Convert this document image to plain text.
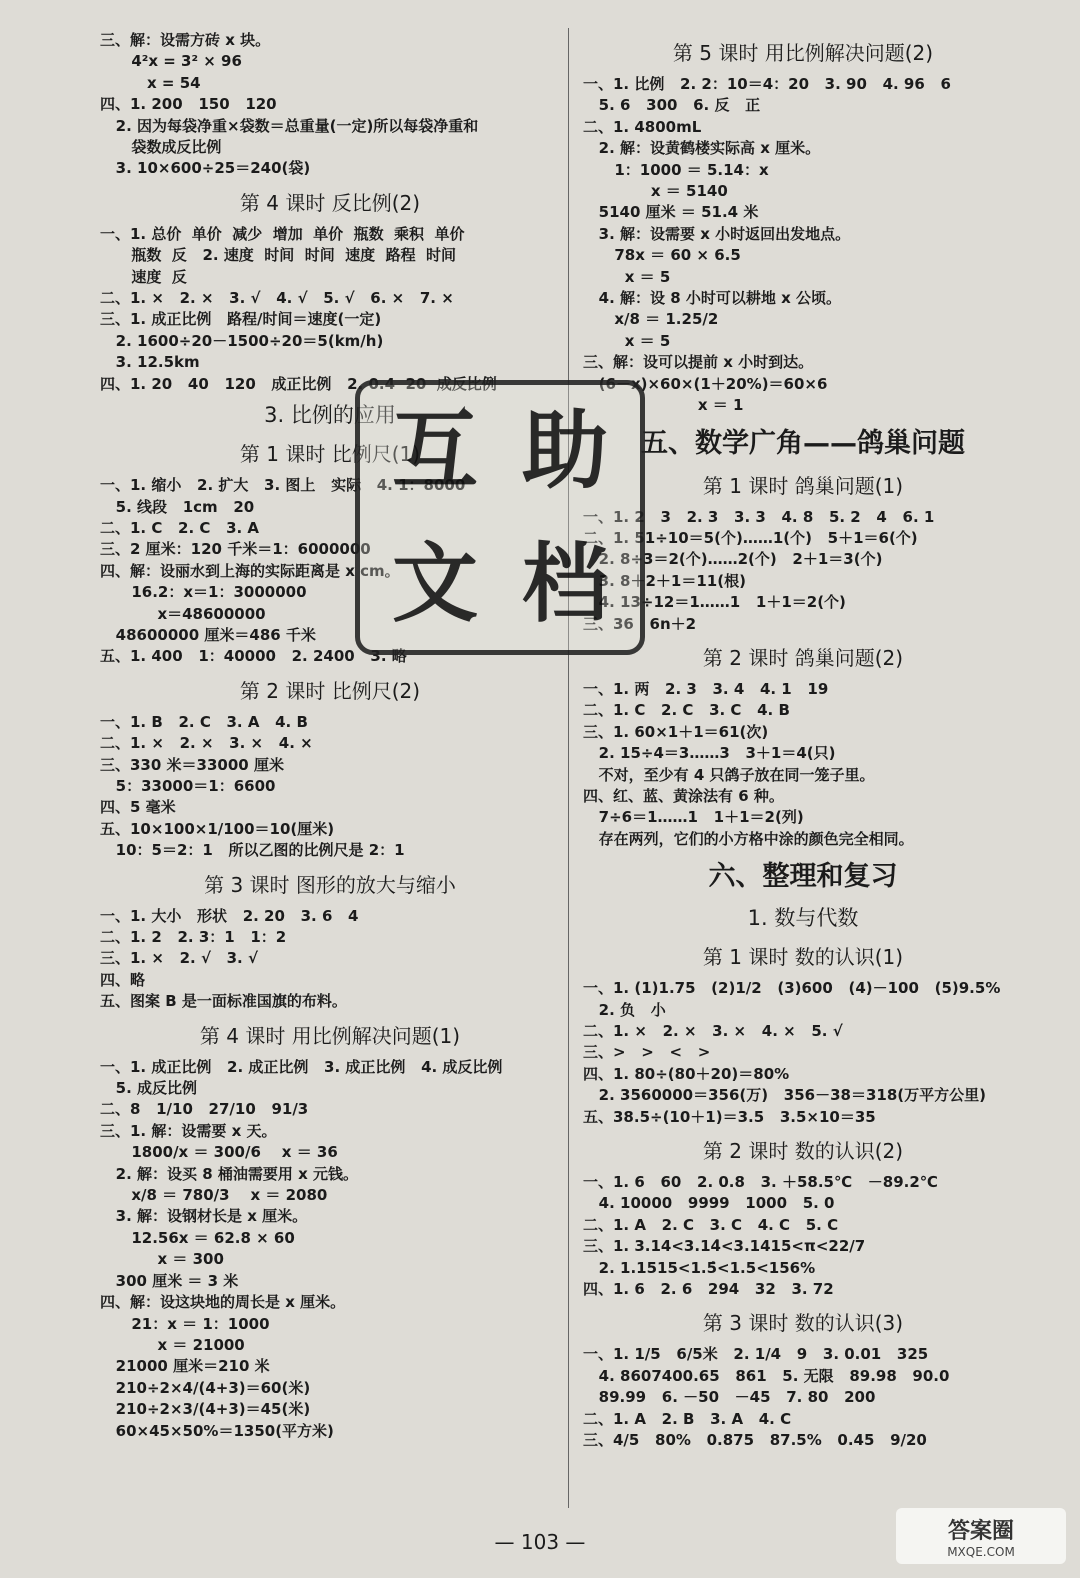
三、解：设需方砖 x 块。
4²x = 3² × 96
x = 54
四、1. 200   150   120
2. 因为每袋净重×袋数＝总重量(一定)所以每袋净重和
袋数成反比例
3. 10×600÷25＝240(袋)
第 4 课时 反比例(2)
一、1. 总价  单价  减少  增加  单价  瓶数  乘积  单价
瓶数  反   2. 速度  时间  时间  速度  路程  时间
速度  反
二、1. ×   2. ×   3. √   4. √   5. √   6. ×   7. ×
三、1. 成正比例   路程/时间＝速度(一定)
2. 1600÷20－1500÷20＝5(km/h)
3. 12.5km
四、1. 20   40   120   成正比例   2. 0.4  20  成反比例
3. 比例的应用
第 1 课时 比例尺(1)
一、1. 缩小   2. 扩大   3. 图上   实际   4. 1：8000
5. 线段   1cm   20
二、1. C   2. C   3. A
三、2 厘米：120 千米＝1：6000000
四、解：设丽水到上海的实际距离是 x cm。
16.2：x＝1：3000000
x＝48600000
48600000 厘米＝486 千米
五、1. 400   1：40000   2. 2400   3. 略
第 2 课时 比例尺(2)
一、1. B   2. C   3. A   4. B
二、1. ×   2. ×   3. ×   4. ×
三、330 米＝33000 厘米
5：33000＝1：6600
四、5 毫米
五、10×100×1/100＝10(厘米)
10：5＝2：1   所以乙图的比例尺是 2：1
第 3 课时 图形的放大与缩小
一、1. 大小   形状   2. 20   3. 6   4
二、1. 2   2. 3：1   1：2
三、1. ×   2. √   3. √
四、略
五、图案 B 是一面标准国旗的布料。
第 4 课时 用比例解决问题(1)
一、1. 成正比例   2. 成正比例   3. 成正比例   4. 成反比例
5. 成反比例
二、8   1/10   27/10   91/3
三、1. 解：设需要 x 天。
1800/x ＝ 300/6    x ＝ 36
2. 解：设买 8 桶油需要用 x 元钱。
x/8 ＝ 780/3    x ＝ 2080
3. 解：设钢材长是 x 厘米。
12.56x ＝ 62.8 × 60
x ＝ 300
300 厘米 ＝ 3 米
四、解：设这块地的周长是 x 厘米。
21：x ＝ 1：1000
x ＝ 21000
21000 厘米＝210 米
210÷2×4/(4+3)＝60(米)
210÷2×3/(4+3)＝45(米)
60×45×50%＝1350(平方米)
第 5 课时 用比例解决问题(2)
一、1. 比例   2. 2：10＝4：20   3. 90   4. 96   6
5. 6   300   6. 反   正
二、1. 4800mL
2. 解：设黄鹤楼实际高 x 厘米。
1：1000 ＝ 5.14：x
x ＝ 5140
5140 厘米 ＝ 51.4 米
3. 解：设需要 x 小时返回出发地点。
78x ＝ 60 × 6.5
x ＝ 5
4. 解：设 8 小时可以耕地 x 公顷。
x/8 ＝ 1.25/2
x ＝ 5
三、解：设可以提前 x 小时到达。
(6－x)×60×(1＋20%)＝60×6
x ＝ 1
五、数学广角——鸽巢问题
第 1 课时 鸽巢问题(1)
一、1. 2   3   2. 3   3. 3   4. 8   5. 2   4   6. 1
二、1. 51÷10＝5(个)……1(个)   5＋1＝6(个)
2. 8÷3＝2(个)……2(个)   2＋1＝3(个)
3. 8＋2＋1＝11(根)
4. 13÷12＝1……1   1＋1＝2(个)
三、36   6n＋2
第 2 课时 鸽巢问题(2)
一、1. 两   2. 3   3. 4   4. 1   19
二、1. C   2. C   3. C   4. B
三、1. 60×1＋1＝61(次)
2. 15÷4＝3……3   3＋1＝4(只)
不对，至少有 4 只鸽子放在同一笼子里。
四、红、蓝、黄涂法有 6 种。
7÷6＝1……1   1＋1＝2(列)
存在两列，它们的小方格中涂的颜色完全相同。
六、整理和复习
1. 数与代数
第 1 课时 数的认识(1)
一、1. (1)1.75   (2)1/2   (3)600   (4)－100   (5)9.5%
2. 负   小
二、1. ×   2. ×   3. ×   4. ×   5. √
三、>   >   <   >
四、1. 80÷(80＋20)＝80%
2. 3560000＝356(万)   356－38＝318(万平方公里)
五、38.5÷(10＋1)＝3.5   3.5×10＝35
第 2 课时 数的认识(2)
一、1. 6   60   2. 0.8   3. ＋58.5℃   －89.2℃
4. 10000   9999   1000   5. 0
二、1. A   2. C   3. C   4. C   5. C
三、1. 3.14<3.14̇<3.1415<π<22/7
2. 1.1515<1.5̇<1.5<156%
四、1. 6   2. 6   294   32   3. 72
第 3 课时 数的认识(3)
一、1. 1/5   6/5米   2. 1/4   9   3. 0.01   325
4. 8607400.65   861   5. 无限   89.98   90.0
89.99   6. －50   －45   7. 80   200
二、1. A   2. B   3. A   4. C
三、4/5   80%   0.875   87.5%   0.45   9/20
互 助
文 档
— 103 —	答案圈
MXQE.COM
